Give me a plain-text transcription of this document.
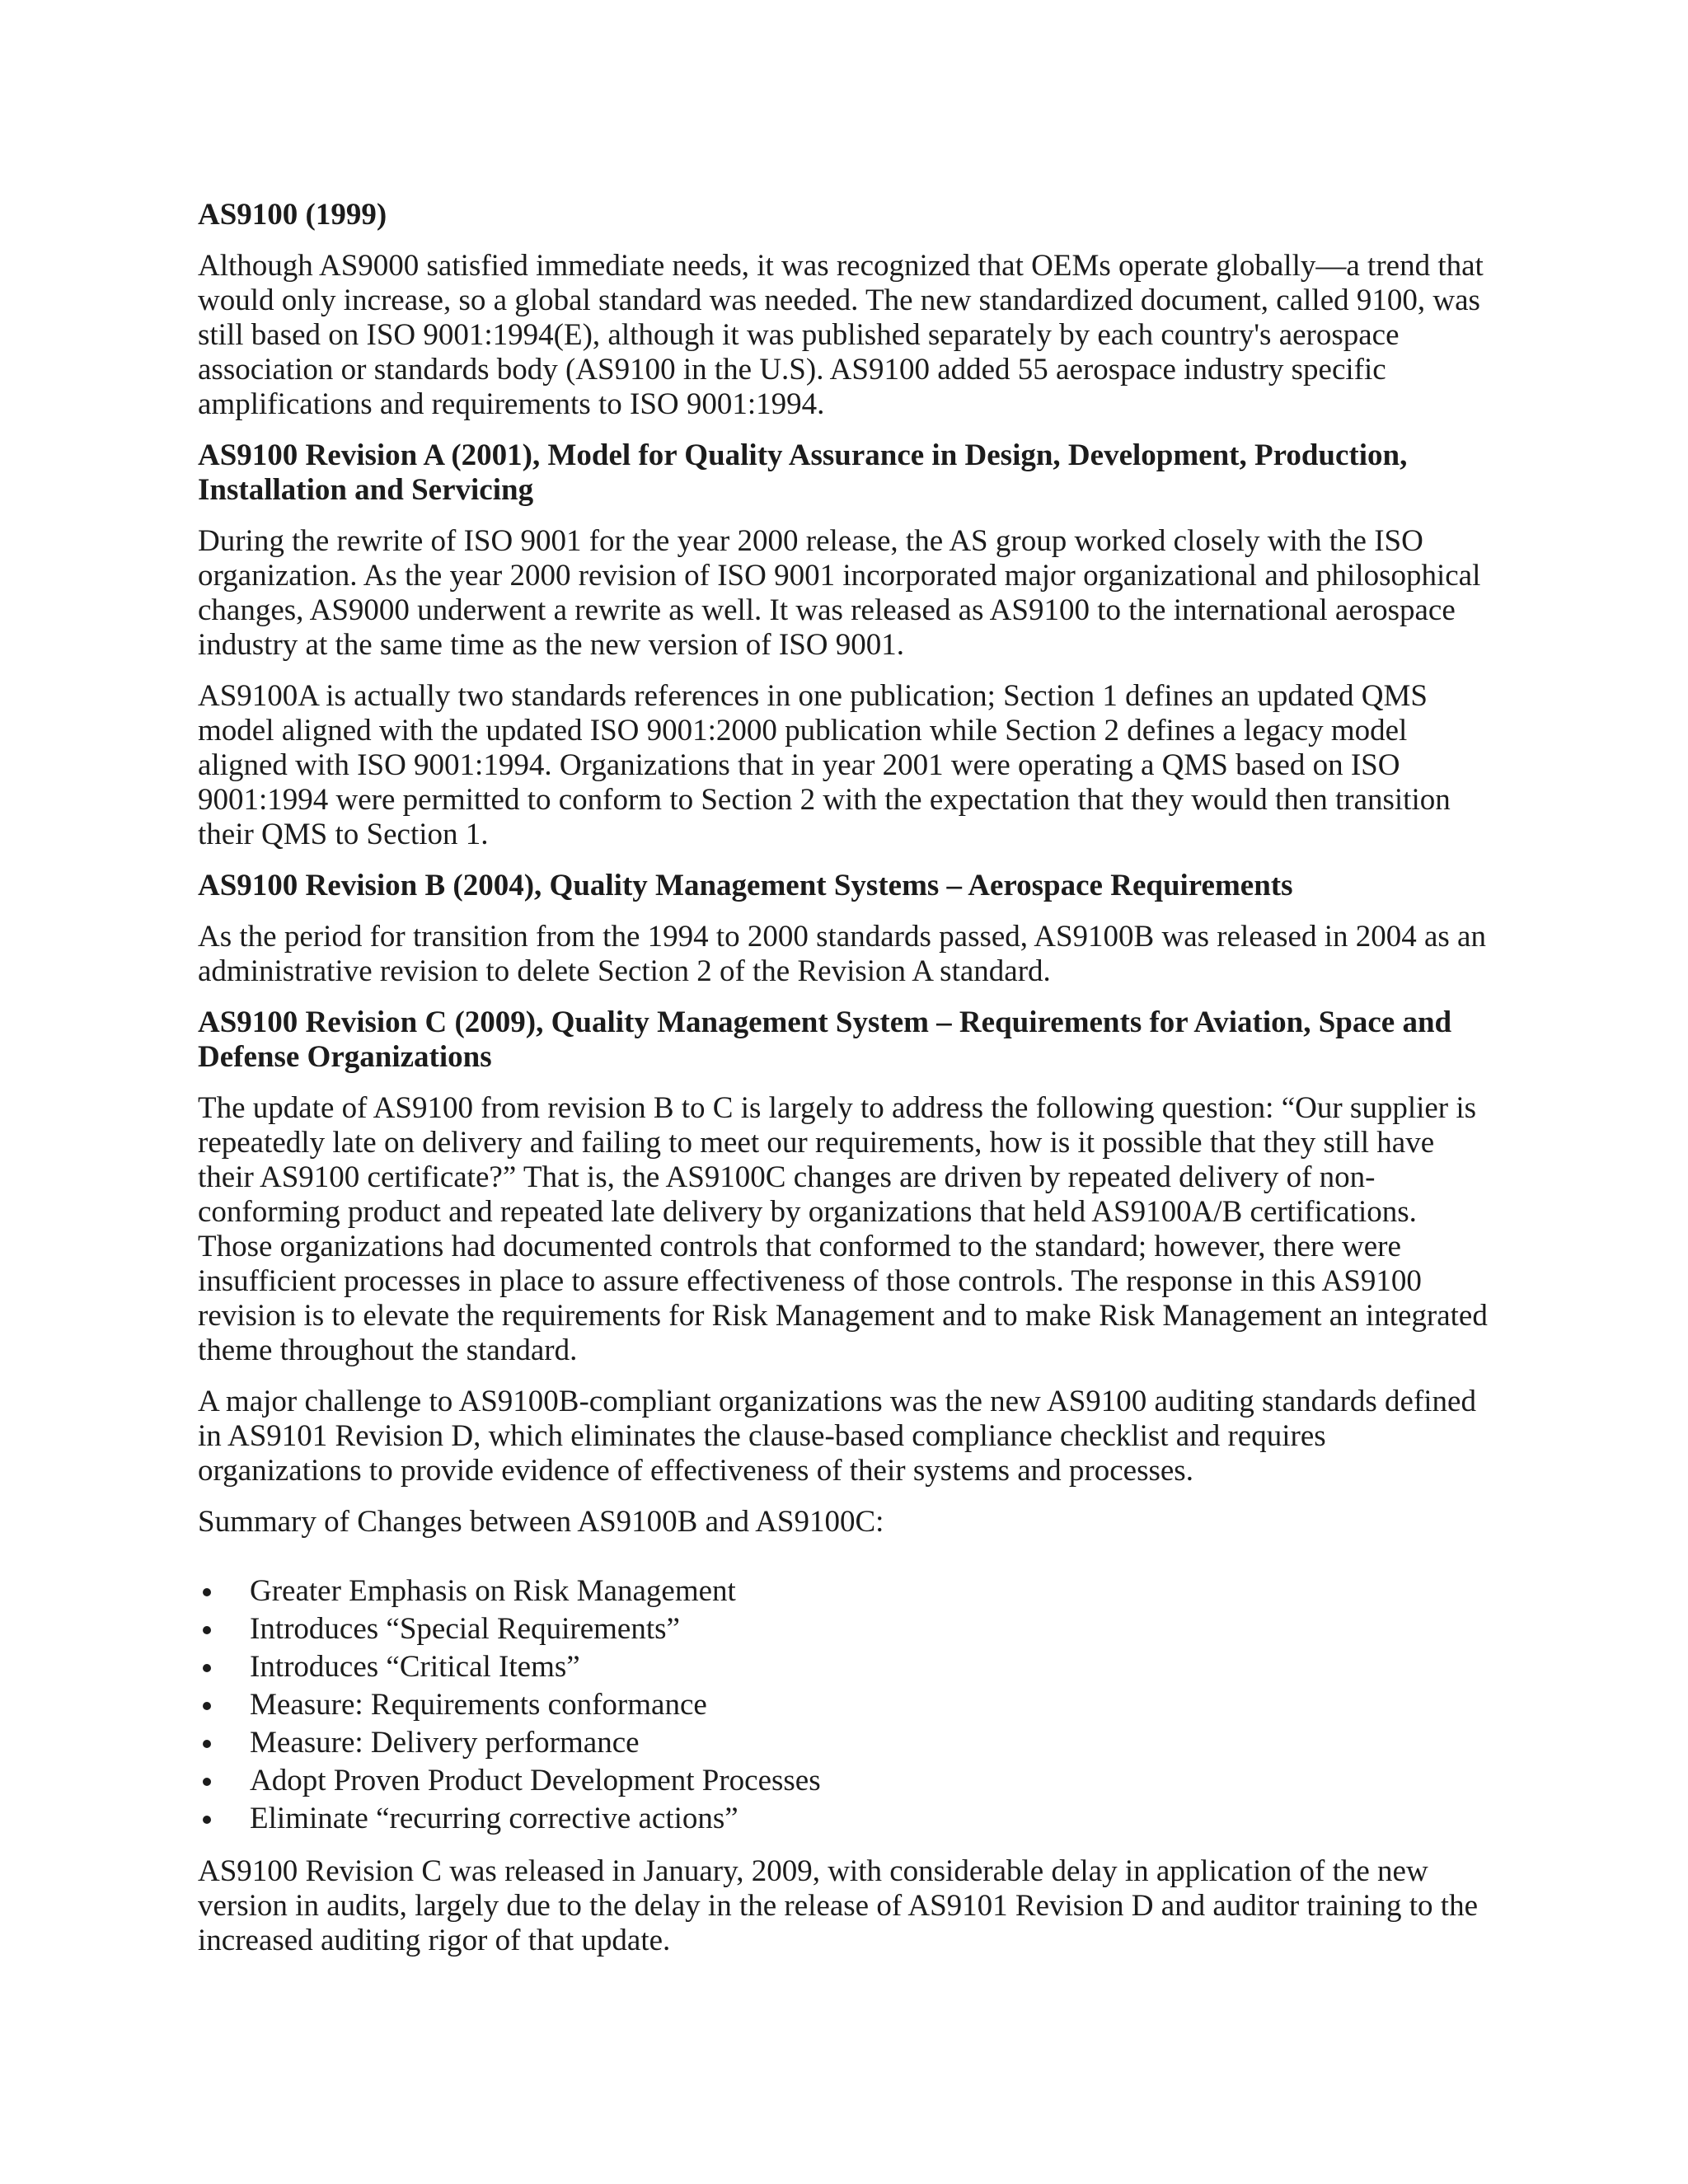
AS9100 (1999)
Although AS9000 satisfied immediate needs, it was recognized that OEMs operate globally—a trend that would only increase, so a global standard was needed. The new standardized document, called 9100, was still based on ISO 9001:1994(E), although it was published separately by each country's aerospace association or standards body (AS9100 in the U.S). AS9100 added 55 aerospace industry specific amplifications and requirements to ISO 9001:1994.
AS9100 Revision A (2001), Model for Quality Assurance in Design, Development, Production, Installation and Servicing
During the rewrite of ISO 9001 for the year 2000 release, the AS group worked closely with the ISO organization. As the year 2000 revision of ISO 9001 incorporated major organizational and philosophical changes, AS9000 underwent a rewrite as well. It was released as AS9100 to the international aerospace industry at the same time as the new version of ISO 9001.
AS9100A is actually two standards references in one publication; Section 1 defines an updated QMS model aligned with the updated ISO 9001:2000 publication while Section 2 defines a legacy model aligned with ISO 9001:1994. Organizations that in year 2001 were operating a QMS based on ISO 9001:1994 were permitted to conform to Section 2 with the expectation that they would then transition their QMS to Section 1.
AS9100 Revision B (2004), Quality Management Systems – Aerospace Requirements
As the period for transition from the 1994 to 2000 standards passed, AS9100B was released in 2004 as an administrative revision to delete Section 2 of the Revision A standard.
AS9100 Revision C (2009), Quality Management System – Requirements for Aviation, Space and Defense Organizations
The update of AS9100 from revision B to C is largely to address the following question: “Our supplier is repeatedly late on delivery and failing to meet our requirements, how is it possible that they still have their AS9100 certificate?” That is, the AS9100C changes are driven by repeated delivery of non-conforming product and repeated late delivery by organizations that held AS9100A/B certifications. Those organizations had documented controls that conformed to the standard; however, there were insufficient processes in place to assure effectiveness of those controls. The response in this AS9100 revision is to elevate the requirements for Risk Management and to make Risk Management an integrated theme throughout the standard.
A major challenge to AS9100B-compliant organizations was the new AS9100 auditing standards defined in AS9101 Revision D, which eliminates the clause-based compliance checklist and requires organizations to provide evidence of effectiveness of their systems and processes.
Summary of Changes between AS9100B and AS9100C:
Greater Emphasis on Risk Management
Introduces “Special Requirements”
Introduces “Critical Items”
Measure: Requirements conformance
Measure: Delivery performance
Adopt Proven Product Development Processes
Eliminate “recurring corrective actions”
AS9100 Revision C was released in January, 2009, with considerable delay in application of the new version in audits, largely due to the delay in the release of AS9101 Revision D and auditor training to the increased auditing rigor of that update.
